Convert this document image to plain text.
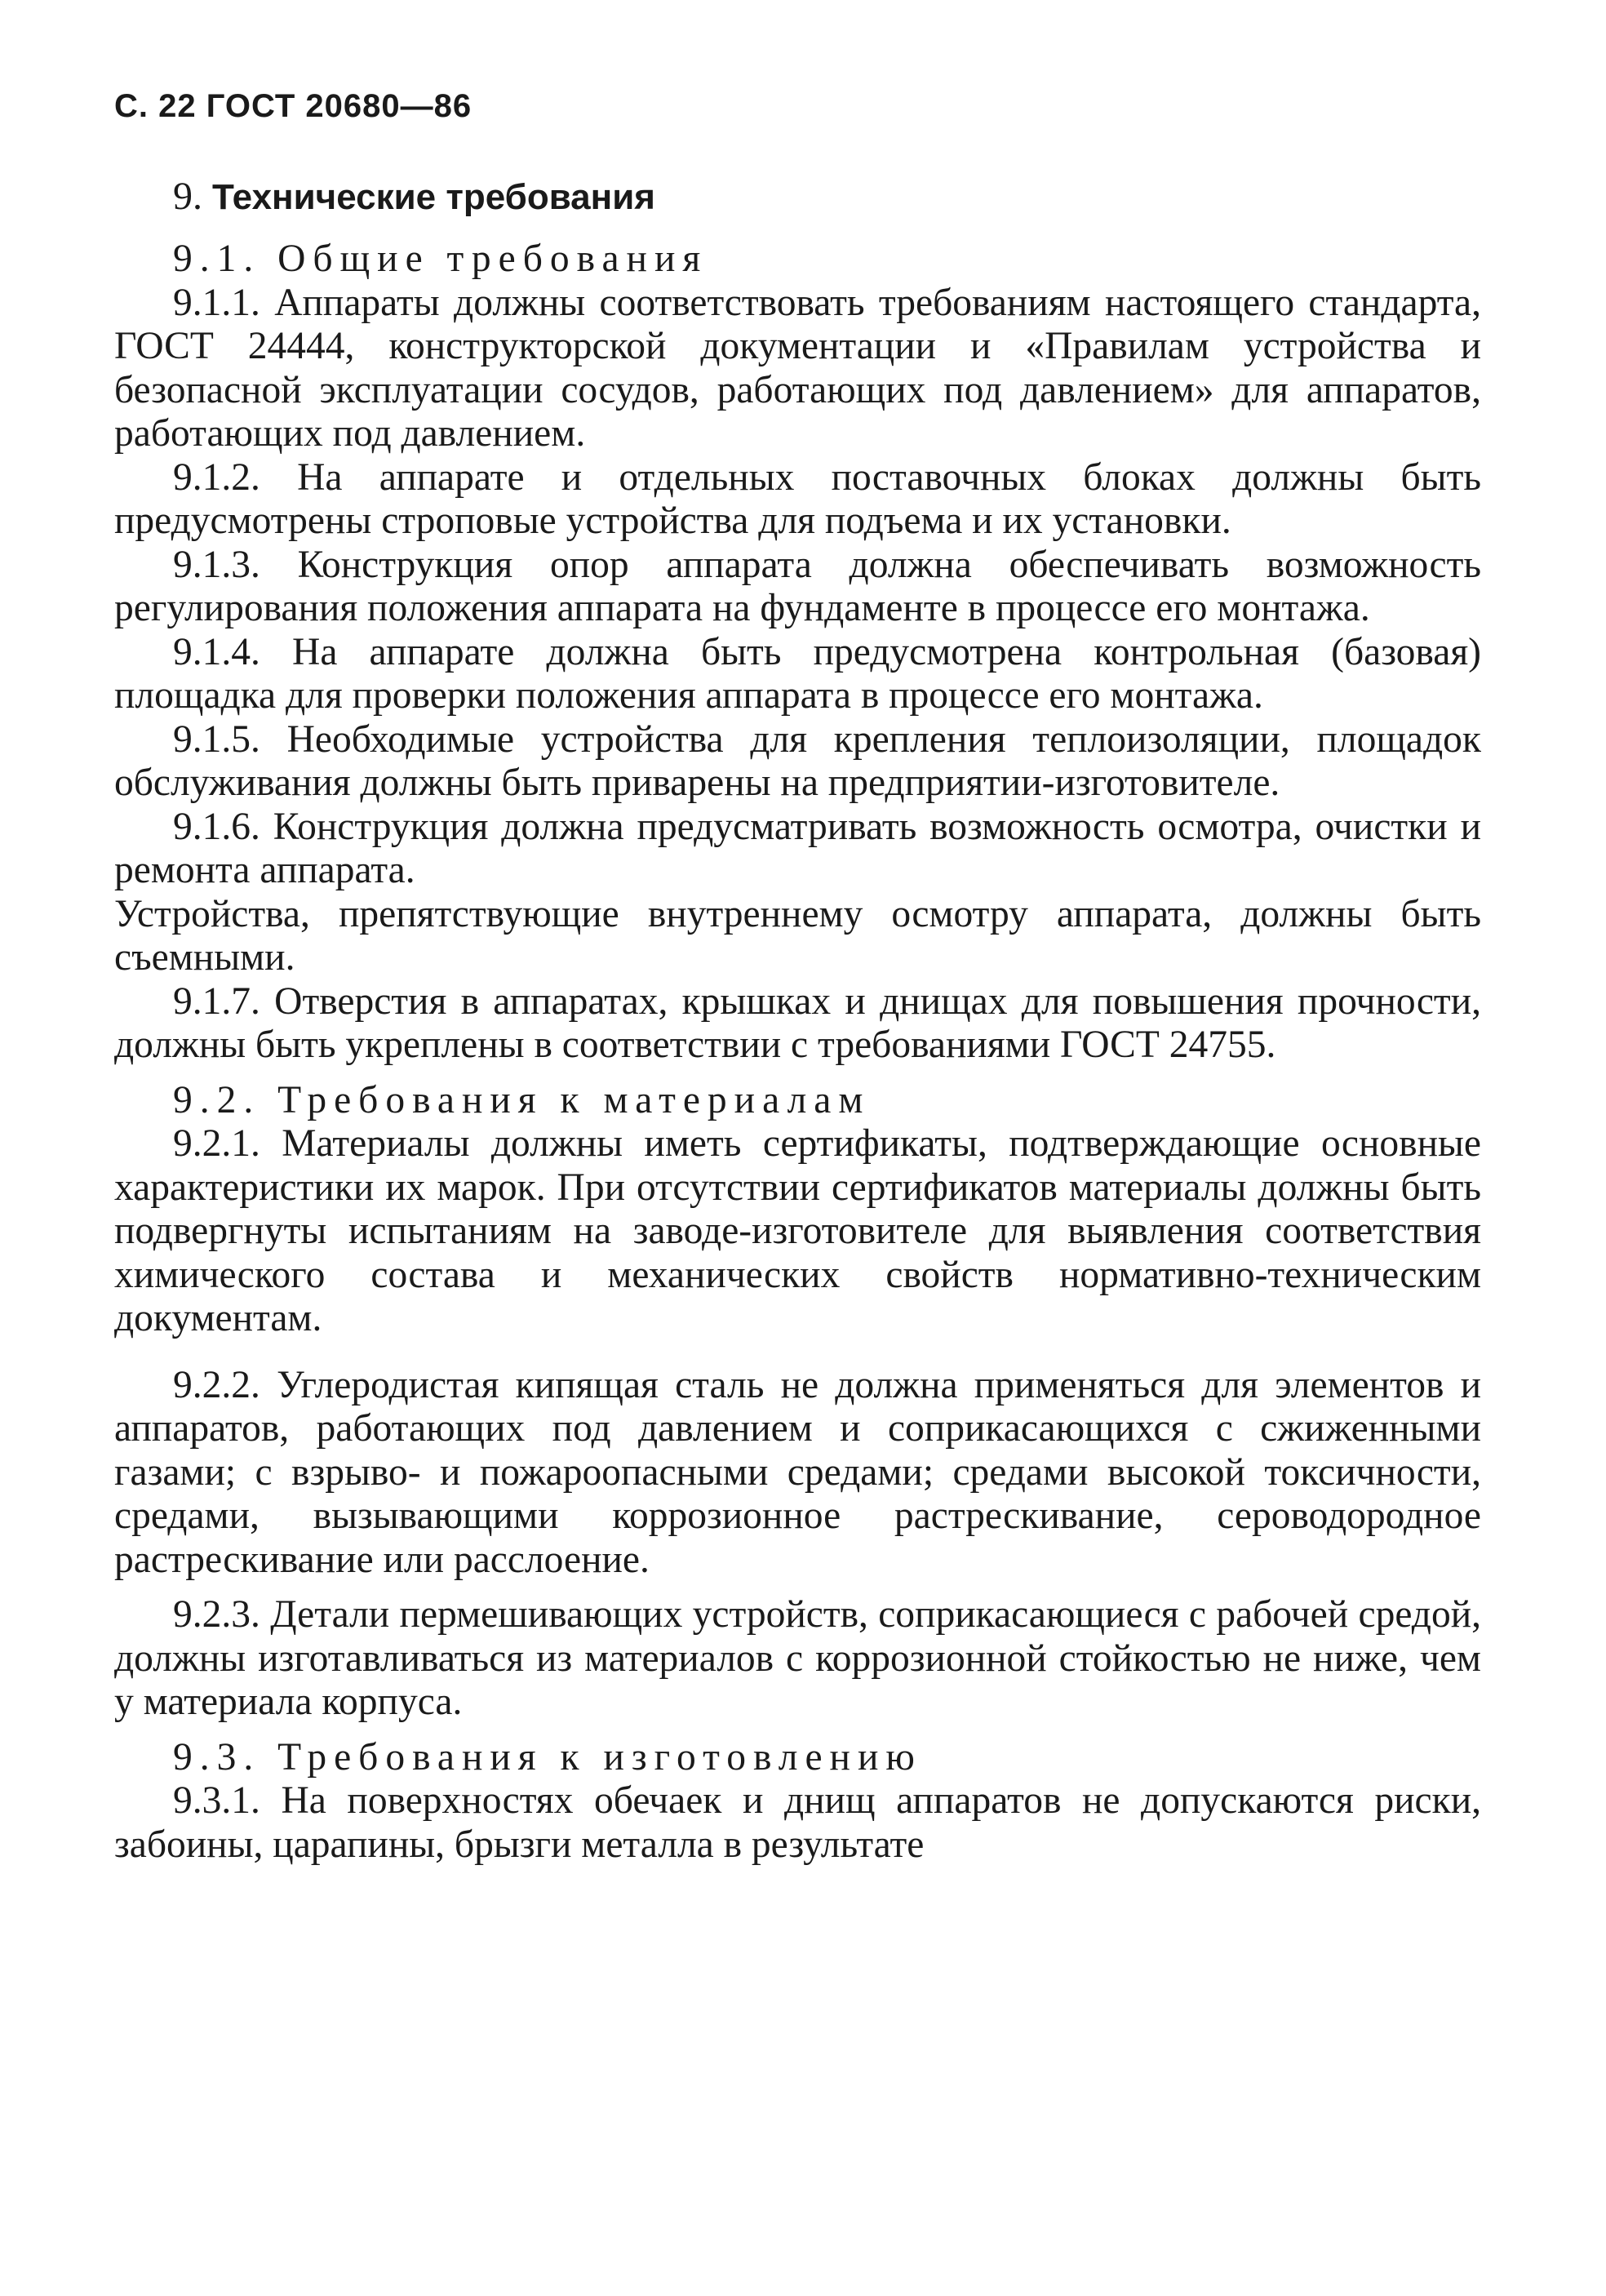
С. 22 ГОСТ 20680—86
9. Технические требования

9.1. Общие требования

9.1.1. Аппараты должны соответствовать требованиям настоящего стандарта, ГОСТ 24444, конструкторской документации и «Правилам устройства и безопасной эксплуатации сосудов, работающих под давлением» для аппаратов, работающих под давлением.

9.1.2. На аппарате и отдельных поставочных блоках должны быть предусмотрены строповые устройства для подъема и их установки.

9.1.3. Конструкция опор аппарата должна обеспечивать возможность регулирования положения аппарата на фундаменте в процессе его монтажа.

9.1.4. На аппарате должна быть предусмотрена контрольная (базовая) площадка для проверки положения аппарата в процессе его монтажа.

9.1.5. Необходимые устройства для крепления теплоизоляции, площадок обслуживания должны быть приварены на предприятии-изготовителе.

9.1.6. Конструкция должна предусматривать возможность осмотра, очистки и ремонта аппарата.

Устройства, препятствующие внутреннему осмотру аппарата, должны быть съемными.

9.1.7. Отверстия в аппаратах, крышках и днищах для повышения прочности, должны быть укреплены в соответствии с требованиями ГОСТ 24755.

9.2. Требования к материалам

9.2.1. Материалы должны иметь сертификаты, подтверждающие основные характеристики их марок. При отсутствии сертификатов материалы должны быть подвергнуты испытаниям на заводе-изготовителе для выявления соответствия химического состава и механических свойств нормативно-техническим документам.

9.2.2. Углеродистая кипящая сталь не должна применяться для элементов и аппаратов, работающих под давлением и соприкасающихся с сжиженными газами; с взрыво- и пожароопасными средами; средами высокой токсичности, средами, вызывающими коррозионное растрескивание, сероводородное растрескивание или расслоение.

9.2.3. Детали пермешивающих устройств, соприкасающиеся с рабочей средой, должны изготавливаться из материалов с коррозионной стойкостью не ниже, чем у материала корпуса.

9.3. Требования к изготовлению

9.3.1. На поверхностях обечаек и днищ аппаратов не допускаются риски, забоины, царапины, брызги металла в результате
